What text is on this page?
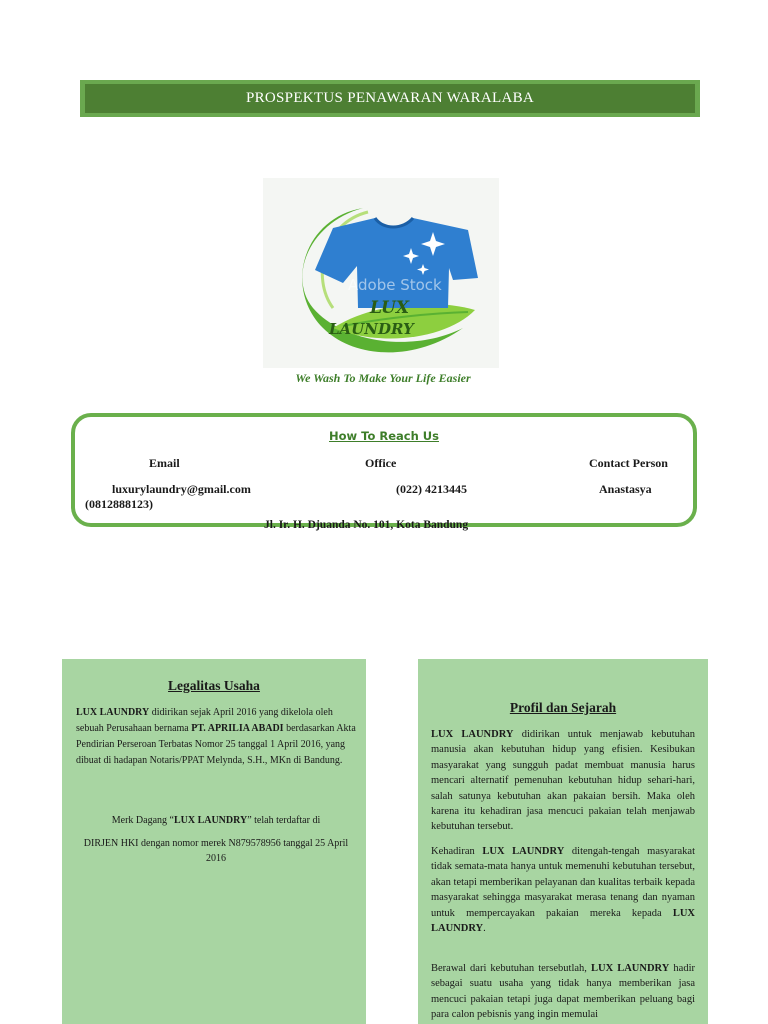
PROSPEKTUS PENAWARAN WARALABA
Adobe Stock
LUX
LAUNDRY
We Wash To Make Your Life Easier
How To Reach Us
Email	Office	Contact Person
luxurylaundry@gmail.com	(022) 4213445	Anastasya
(0812888123)
Jl. Ir. H. Djuanda No. 101, Kota Bandung
Legalitas Usaha
LUX LAUNDRY didirikan sejak April 2016 yang dikelola oleh sebuah Perusahaan bernama PT. APRILIA ABADI berdasarkan Akta Pendirian Perseroan Terbatas Nomor 25 tanggal 1 April 2016, yang dibuat di hadapan Notaris/PPAT Melynda, S.H., MKn di Bandung.
Merk Dagang “LUX LAUNDRY” telah terdaftar di
DIRJEN HKI dengan nomor merek N879578956 tanggal 25 April 2016
Profil dan Sejarah

LUX LAUNDRY didirikan untuk menjawab kebutuhan manusia akan kebutuhan hidup yang efisien. Kesibukan masyarakat yang sungguh padat membuat manusia harus mencari alternatif pemenuhan kebutuhan hidup sehari-hari, salah satunya kebutuhan akan pakaian bersih. Maka oleh karena itu kehadiran jasa mencuci pakaian telah menjawab kebutuhan tersebut.

Kehadiran LUX LAUNDRY ditengah-tengah masyarakat tidak semata-mata hanya untuk memenuhi kebutuhan tersebut, akan tetapi memberikan pelayanan dan kualitas terbaik kepada masyarakat sehingga masyarakat merasa tenang dan nyaman untuk mempercayakan pakaian mereka kepada LUX LAUNDRY.

Berawal dari kebutuhan tersebutlah, LUX LAUNDRY hadir sebagai suatu usaha yang tidak hanya memberikan jasa mencuci pakaian tetapi juga dapat memberikan peluang bagi para calon pebisnis yang ingin memulai
